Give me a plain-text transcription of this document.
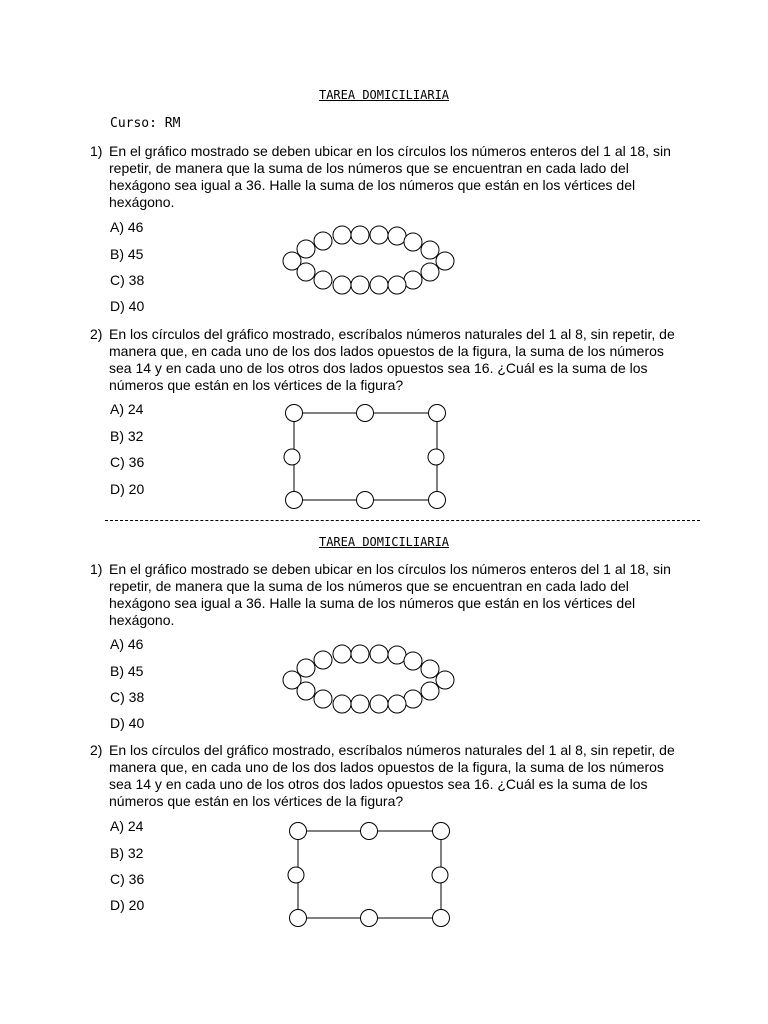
TAREA DOMICILIARIA
Curso: RM
1) En el gráfico mostrado se deben ubicar en los círculos los números enteros del 1 al 18, sin repetir, de manera que la suma de los números que se encuentran en cada lado del hexágono sea igual a 36. Halle la suma de los números que están en los vértices del hexágono.
A) 46
B) 45
C) 38
D) 40
2) En los círculos del gráfico mostrado, escríbalos números naturales del 1 al 8, sin repetir, de manera que, en cada uno de los dos lados opuestos de la figura, la suma de los números sea 14 y en cada uno de los otros dos lados opuestos sea 16. ¿Cuál es la suma de los números que están en los vértices de la figura?
A) 24
B) 32
C) 36
D) 20
TAREA DOMICILIARIA
1) En el gráfico mostrado se deben ubicar en los círculos los números enteros del 1 al 18, sin repetir, de manera que la suma de los números que se encuentran en cada lado del hexágono sea igual a 36. Halle la suma de los números que están en los vértices del hexágono.
A) 46
B) 45
C) 38
D) 40
2) En los círculos del gráfico mostrado, escríbalos números naturales del 1 al 8, sin repetir, de manera que, en cada uno de los dos lados opuestos de la figura, la suma de los números sea 14 y en cada uno de los otros dos lados opuestos sea 16. ¿Cuál es la suma de los números que están en los vértices de la figura?
A) 24
B) 32
C) 36
D) 20
